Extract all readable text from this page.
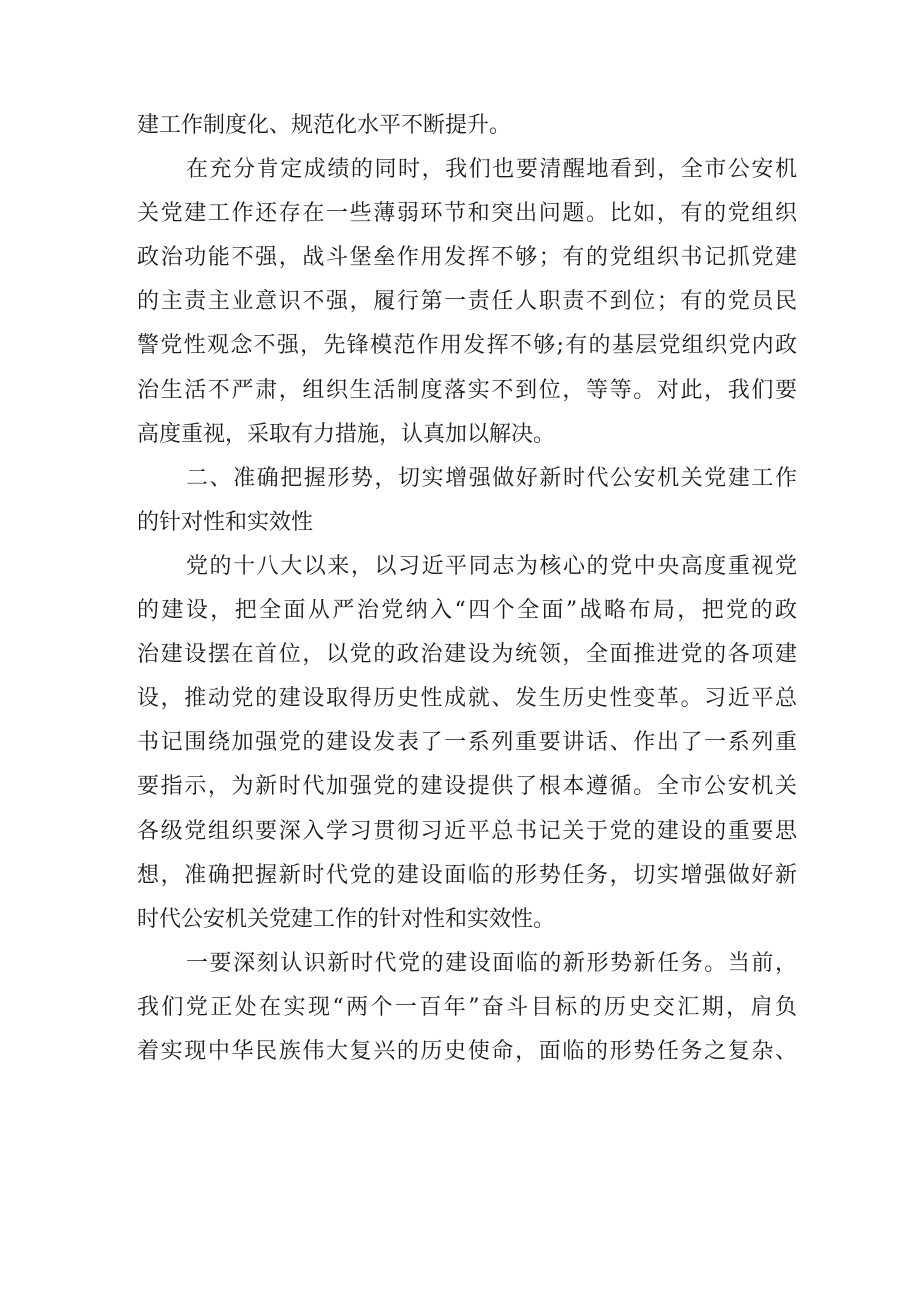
建工作制度化、规范化水平不断提升。
在充分肯定成绩的同时，我们也要清醒地看到，全市公安机
关党建工作还存在一些薄弱环节和突出问题。比如，有的党组织
政治功能不强，战斗堡垒作用发挥不够；有的党组织书记抓党建
的主责主业意识不强，履行第一责任人职责不到位；有的党员民
警党性观念不强，先锋模范作用发挥不够;有的基层党组织党内政
治生活不严肃，组织生活制度落实不到位，等等。对此，我们要
高度重视，采取有力措施，认真加以解决。
二、准确把握形势，切实增强做好新时代公安机关党建工作
的针对性和实效性
党的十八大以来，以习近平同志为核心的党中央高度重视党
的建设，把全面从严治党纳入“四个全面”战略布局，把党的政
治建设摆在首位，以党的政治建设为统领，全面推进党的各项建
设，推动党的建设取得历史性成就、发生历史性变革。习近平总
书记围绕加强党的建设发表了一系列重要讲话、作出了一系列重
要指示，为新时代加强党的建设提供了根本遵循。全市公安机关
各级党组织要深入学习贯彻习近平总书记关于党的建设的重要思
想，准确把握新时代党的建设面临的形势任务，切实增强做好新
时代公安机关党建工作的针对性和实效性。
一要深刻认识新时代党的建设面临的新形势新任务。当前，
我们党正处在实现“两个一百年”奋斗目标的历史交汇期，肩负
着实现中华民族伟大复兴的历史使命，面临的形势任务之复杂、
